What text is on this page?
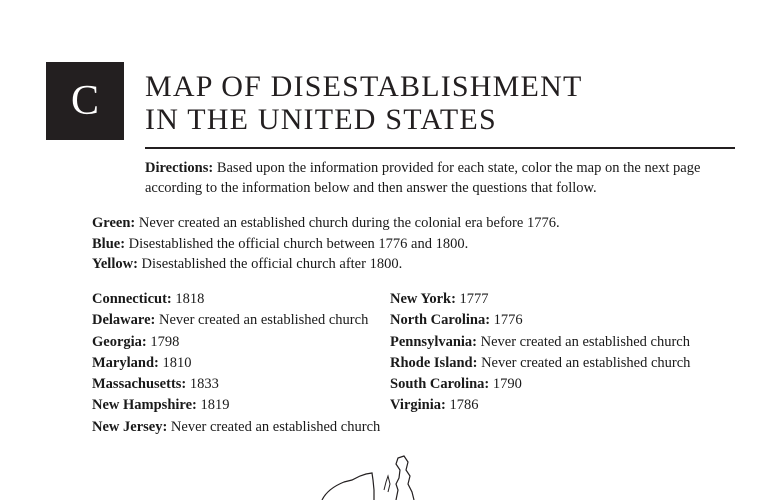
C MAP OF DISESTABLISHMENT
IN THE UNITED STATES

Directions: Based upon the information provided for each state, color the map on the next page according to the information below and then answer the questions that follow.

Green: Never created an established church during the colonial era before 1776.
Blue: Disestablished the official church between 1776 and 1800.
Yellow: Disestablished the official church after 1800.
Connecticut: 1818
Delaware: Never created an established church
Georgia: 1798
Maryland: 1810
Massachusetts: 1833
New Hampshire: 1819
New Jersey: Never created an established church
New York: 1777
North Carolina: 1776
Pennsylvania: Never created an established church
Rhode Island: Never created an established church
South Carolina: 1790
Virginia: 1786
